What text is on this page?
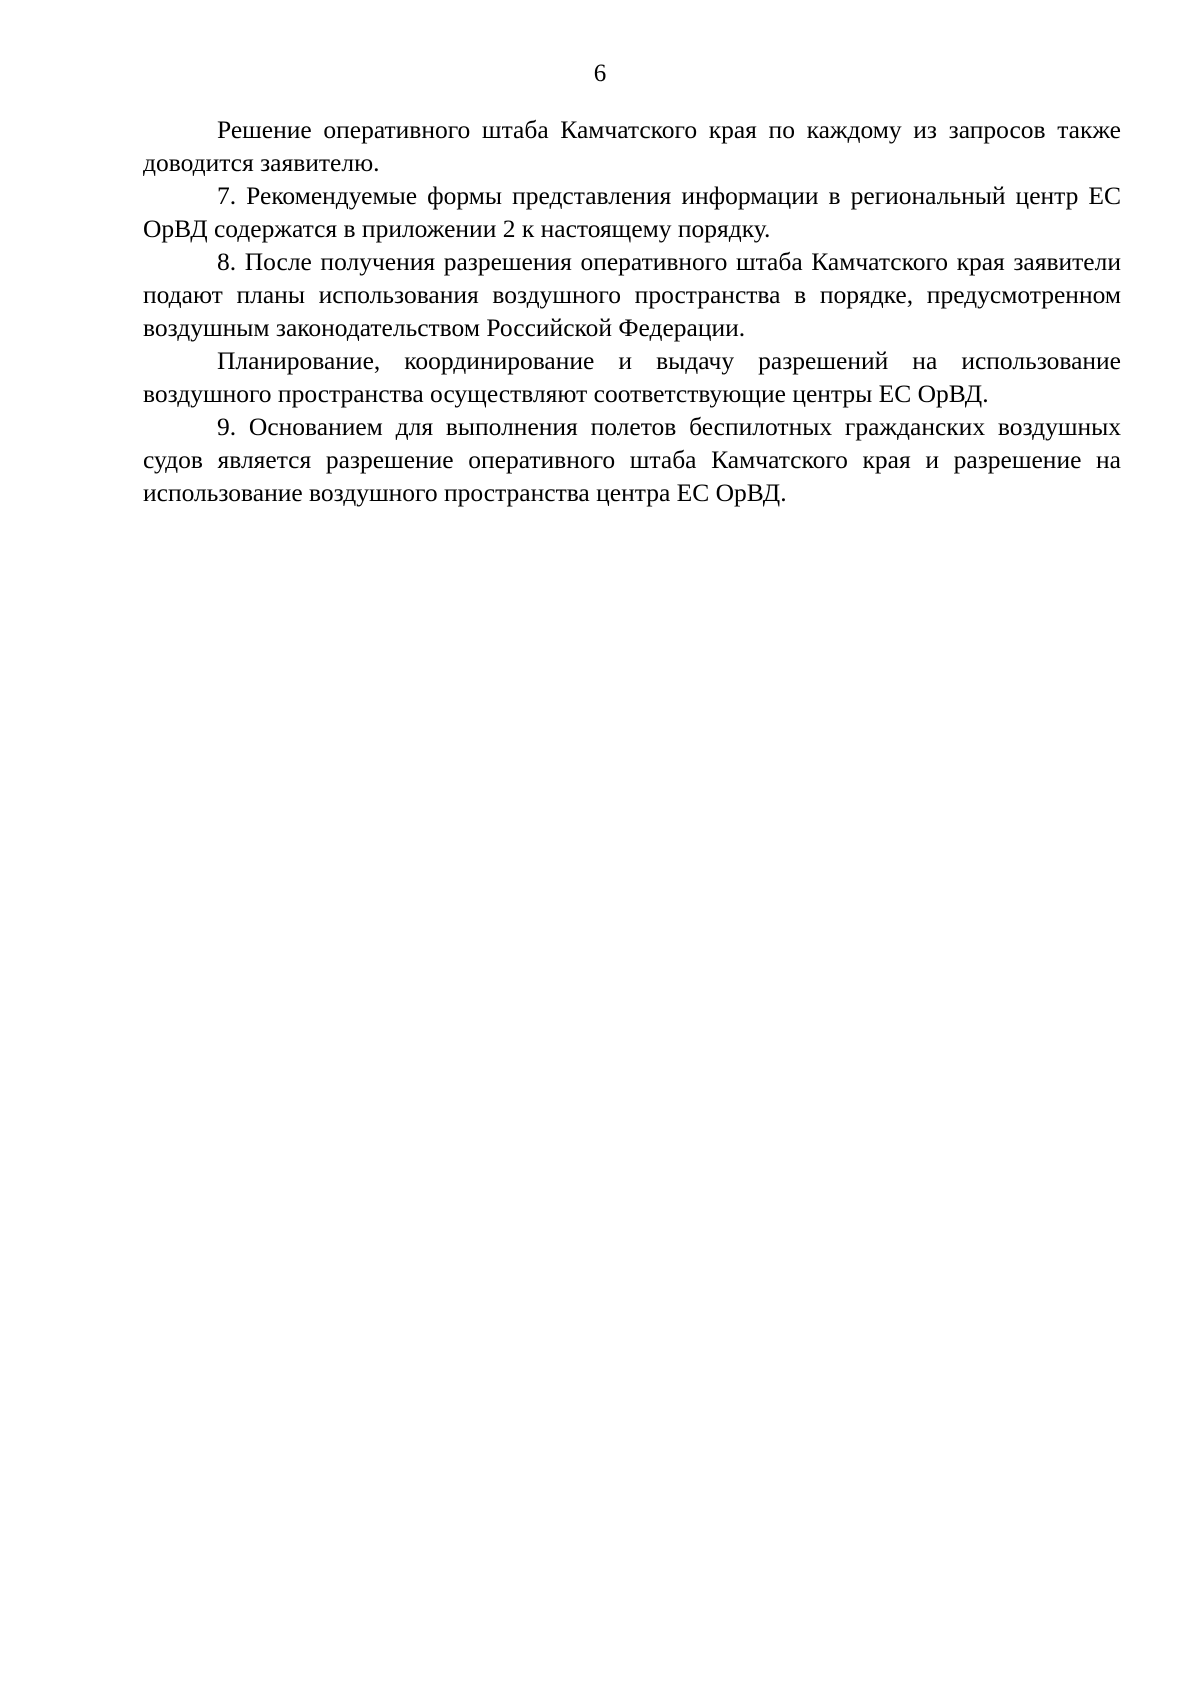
6

Решение оперативного штаба Камчатского края по каждому из запросов также доводится заявителю.

7. Рекомендуемые формы представления информации в региональный центр ЕС ОрВД содержатся в приложении 2 к настоящему порядку.

8. После получения разрешения оперативного штаба Камчатского края заявители подают планы использования воздушного пространства в порядке, предусмотренном воздушным законодательством Российской Федерации.

Планирование, координирование и выдачу разрешений на использование воздушного пространства осуществляют соответствующие центры ЕС ОрВД.

9. Основанием для выполнения полетов беспилотных гражданских воздушных судов является разрешение оперативного штаба Камчатского края и разрешение на использование воздушного пространства центра ЕС ОрВД.
